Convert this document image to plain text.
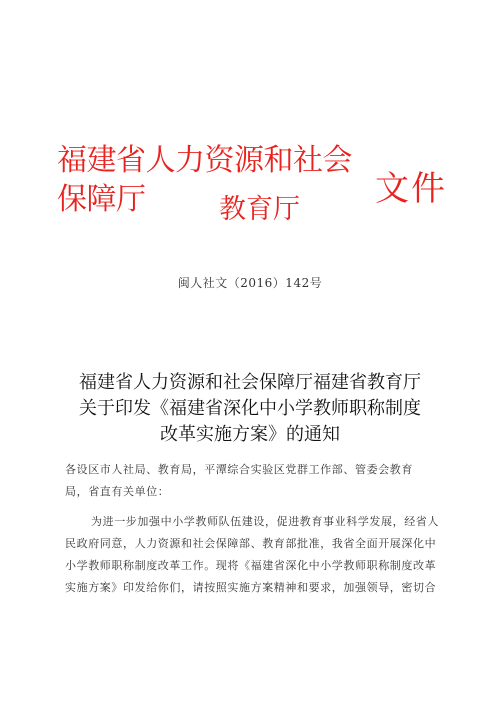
福建省人力资源和社会
保障厅	教育厅
文件
闽人社文（2016）142号
福建省人力资源和社会保障厅福建省教育厅
关于印发《福建省深化中小学教师职称制度
改革实施方案》的通知
各设区市人社局、教育局，平潭综合实验区党群工作部、管委会教育
局，省直有关单位：
为进一步加强中小学教师队伍建设，促进教育事业科学发展，经省人
民政府同意，人力资源和社会保障部、教育部批准，我省全面开展深化中
小学教师职称制度改革工作。现将《福建省深化中小学教师职称制度改革
实施方案》印发给你们，请按照实施方案精神和要求，加强领导，密切合
